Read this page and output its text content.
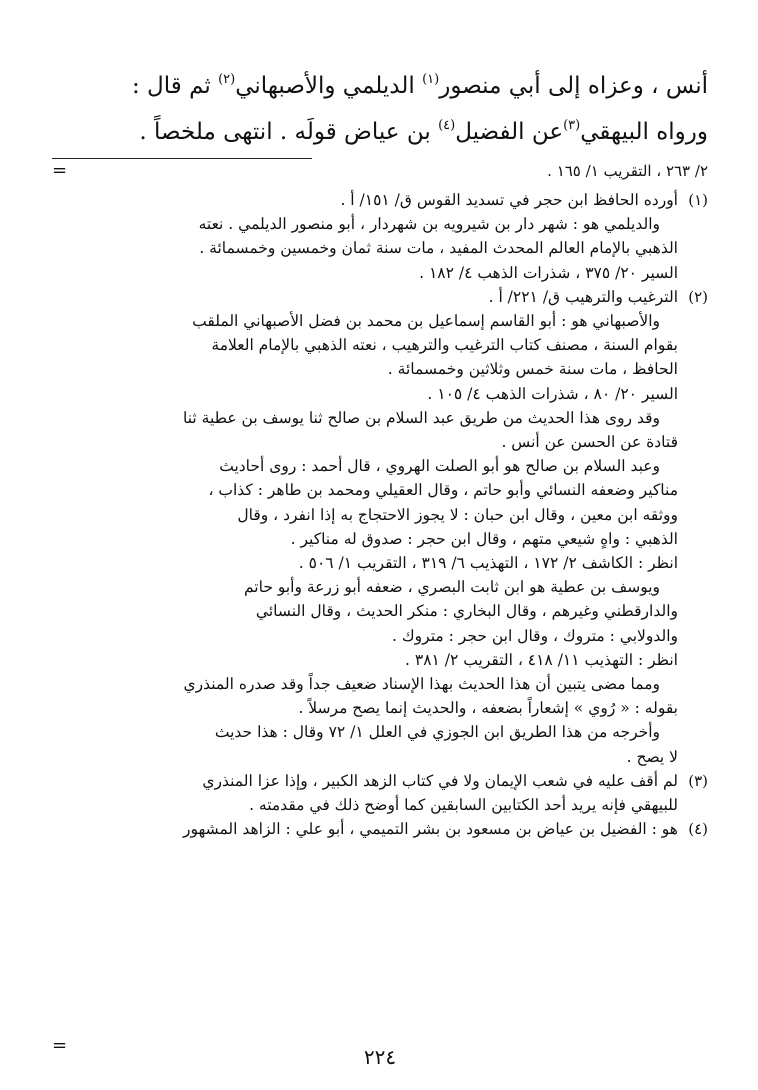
أنس ، وعزاه إلى أبي منصور$^{(١)}$ الديلمي والأصبهاني$^{(٢)}$ ثم قال :
ورواه البيهقي$^{(٣)}$عن الفضيل$^{(٤)}$ بن عياض قولَه . انتهى ملخصاً .
٢/ ٢٦٣ ، التقريب ١/ ١٦٥ .
=
(١)
أورده الحافظ ابن حجر في تسديد القوس ق/ ١٥١/ أ .
والديلمي هو : شهر دار بن شيرويه بن شهردار ، أبو منصور الديلمي . نعته
الذهبي بالإمام العالم المحدث المفيد ، مات سنة ثمان وخمسين وخمسمائة .
السير ٢٠/ ٣٧٥ ، شذرات الذهب ٤/ ١٨٢ .
(٢)
الترغيب والترهيب ق/ ٢٢١/ أ .
والأصبهاني هو : أبو القاسم إسماعيل بن محمد بن فضل الأصبهاني الملقب
بقوام السنة ، مصنف كتاب الترغيب والترهيب ، نعته الذهبي بالإمام العلامة
الحافظ ، مات سنة خمس وثلاثين وخمسمائة .
السير ٢٠/ ٨٠ ، شذرات الذهب ٤/ ١٠٥ .
وقد روى هذا الحديث من طريق عبد السلام بن صالح ثنا يوسف بن عطية ثنا
قتادة عن الحسن عن أنس .
وعبد السلام بن صالح هو أبو الصلت الهروي ، قال أحمد : روى أحاديث
مناكير وضعفه النسائي وأبو حاتم ، وقال العقيلي ومحمد بن طاهر : كذاب ،
ووثقه ابن معين ، وقال ابن حبان : لا يجوز الاحتجاج به إذا انفرد ، وقال
الذهبي : واهٍ شيعي متهم ، وقال ابن حجر : صدوق له مناكير .
انظر : الكاشف ٢/ ١٧٢ ، التهذيب ٦/ ٣١٩ ، التقريب ١/ ٥٠٦ .
ويوسف بن عطية هو ابن ثابت البصري ، ضعفه أبو زرعة وأبو حاتم
والدارقطني وغيرهم ، وقال البخاري : منكر الحديث ، وقال النسائي
والدولابي : متروك ، وقال ابن حجر : متروك .
انظر : التهذيب ١١/ ٤١٨ ، التقريب ٢/ ٣٨١ .
ومما مضى يتبين أن هذا الحديث بهذا الإسناد ضعيف جداً وقد صدره المنذري
بقوله : « رُوي » إشعاراً بضعفه ، والحديث إنما يصح مرسلاً .
وأخرجه من هذا الطريق ابن الجوزي في العلل ١/ ٧٢ وقال : هذا حديث
لا يصح .
(٣)
لم أقف عليه في شعب الإيمان ولا في كتاب الزهد الكبير ، وإذا عزا المنذري
للبيهقي فإنه يريد أحد الكتابين السابقين كما أوضح ذلك في مقدمته .
(٤)
هو : الفضيل بن عياض بن مسعود بن بشر التميمي ، أبو علي : الزاهد المشهور
٢٢٤
=
